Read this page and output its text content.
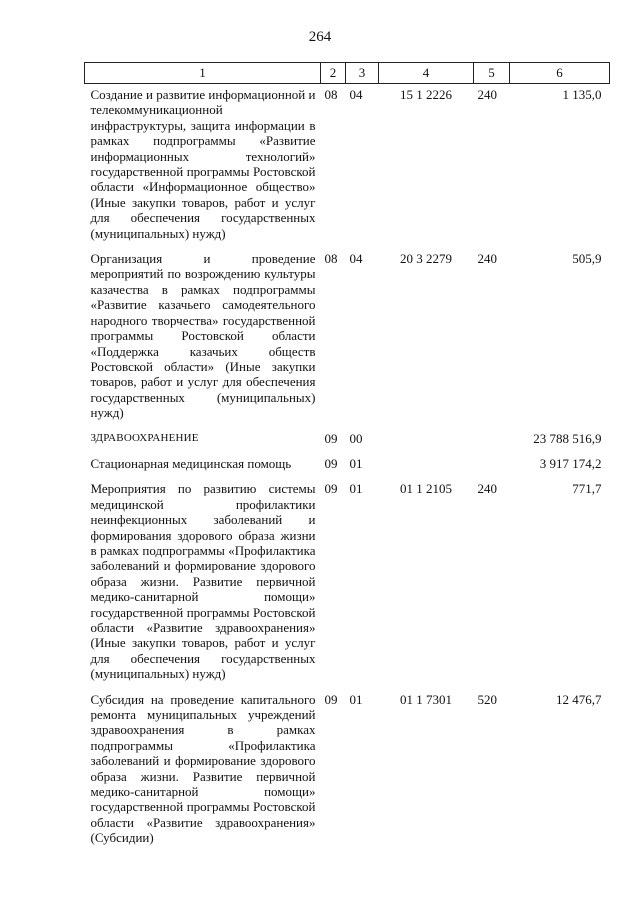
264
1	2	3	4	5	6
Создание и развитие информационной и телекоммуникационной инфраструктуры, защита информации в рамках подпрограммы «Развитие информационных технологий» государственной программы Ростовской области «Информационное общество» (Иные закупки товаров, работ и услуг для обеспечения государственных (муниципальных) нужд)	08	04	15 1 2226	240	1 135,0
Организация и проведение мероприятий по возрождению культуры казачества в рамках подпрограммы «Развитие казачьего самодеятельного народного творчества» государственной программы Ростовской области «Поддержка казачьих обществ Ростовской области» (Иные закупки товаров, работ и услуг для обеспечения государственных (муниципальных) нужд)	08	04	20 3 2279	240	505,9
ЗДРАВООХРАНЕНИЕ	09	00			23 788 516,9
Стационарная медицинская помощь	09	01			3 917 174,2
Мероприятия по развитию системы медицинской профилактики неинфекционных заболеваний и формирования здорового образа жизни в рамках подпрограммы «Профилактика заболеваний и формирование здорового образа жизни. Развитие первичной медико-санитарной помощи» государственной программы Ростовской области «Развитие здравоохранения» (Иные закупки товаров, работ и услуг для обеспечения государственных (муниципальных) нужд)	09	01	01 1 2105	240	771,7
Субсидия на проведение капитального ремонта муниципальных учреждений здравоохранения в рамках подпрограммы «Профилактика заболеваний и формирование здорового образа жизни. Развитие первичной медико-санитарной помощи» государственной программы Ростовской области «Развитие здравоохранения» (Субсидии)	09	01	01 1 7301	520	12 476,7
